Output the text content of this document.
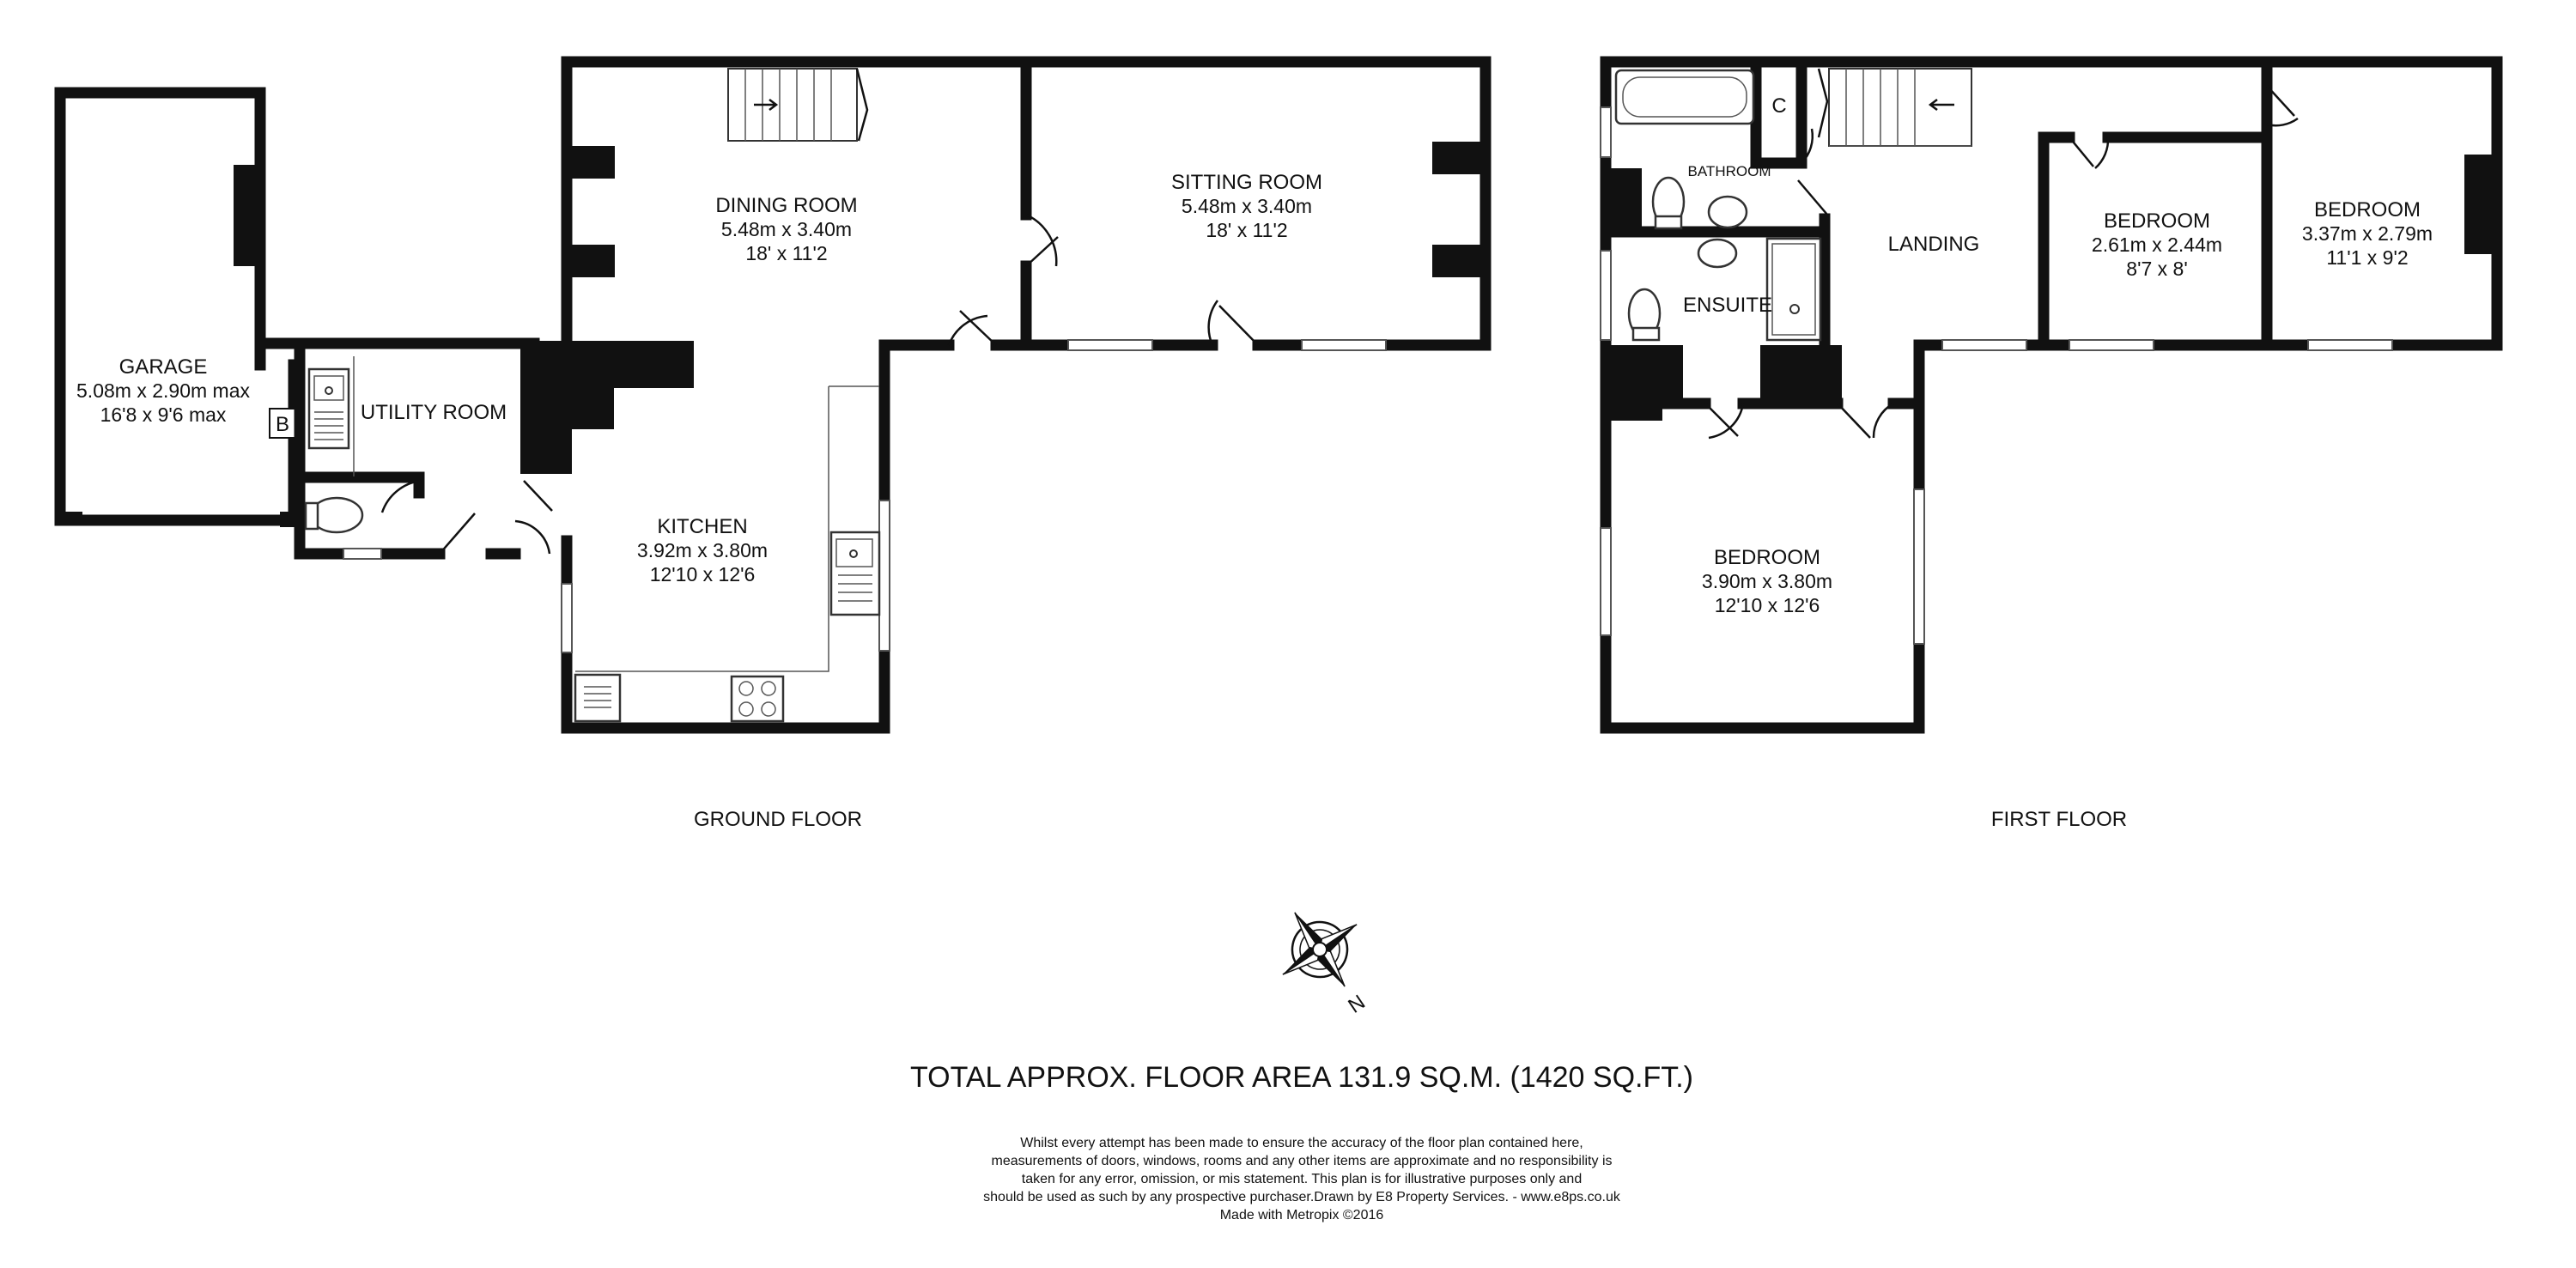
GARAGE
5.08m x 2.90m max
16'8 x 9'6 max B
UTILITY ROOM
DINING ROOM
5.48m x 3.40m
18' x 11'2
SITTING ROOM
5.48m x 3.40m
18' x 11'2
KITCHEN
3.92m x 3.80m
12'10 x 12'6
GROUND FLOOR
BATHROOM
C
ENSUITE
LANDING
BEDROOM
2.61m x 2.44m
8'7 x 8'
BEDROOM
3.37m x 2.79m
11'1 x 9'2
BEDROOM
3.90m x 3.80m
12'10 x 12'6
FIRST FLOOR
N
TOTAL APPROX. FLOOR AREA 131.9 SQ.M. (1420 SQ.FT.)
Whilst every attempt has been made to ensure the accuracy of the floor plan contained here,
measurements of doors, windows, rooms and any other items are approximate and no responsibility is
taken for any error, omission, or mis statement. This plan is for illustrative purposes only and
should be used as such by any prospective purchaser.Drawn by E8 Property Services. - www.e8ps.co.uk
Made with Metropix ©2016
